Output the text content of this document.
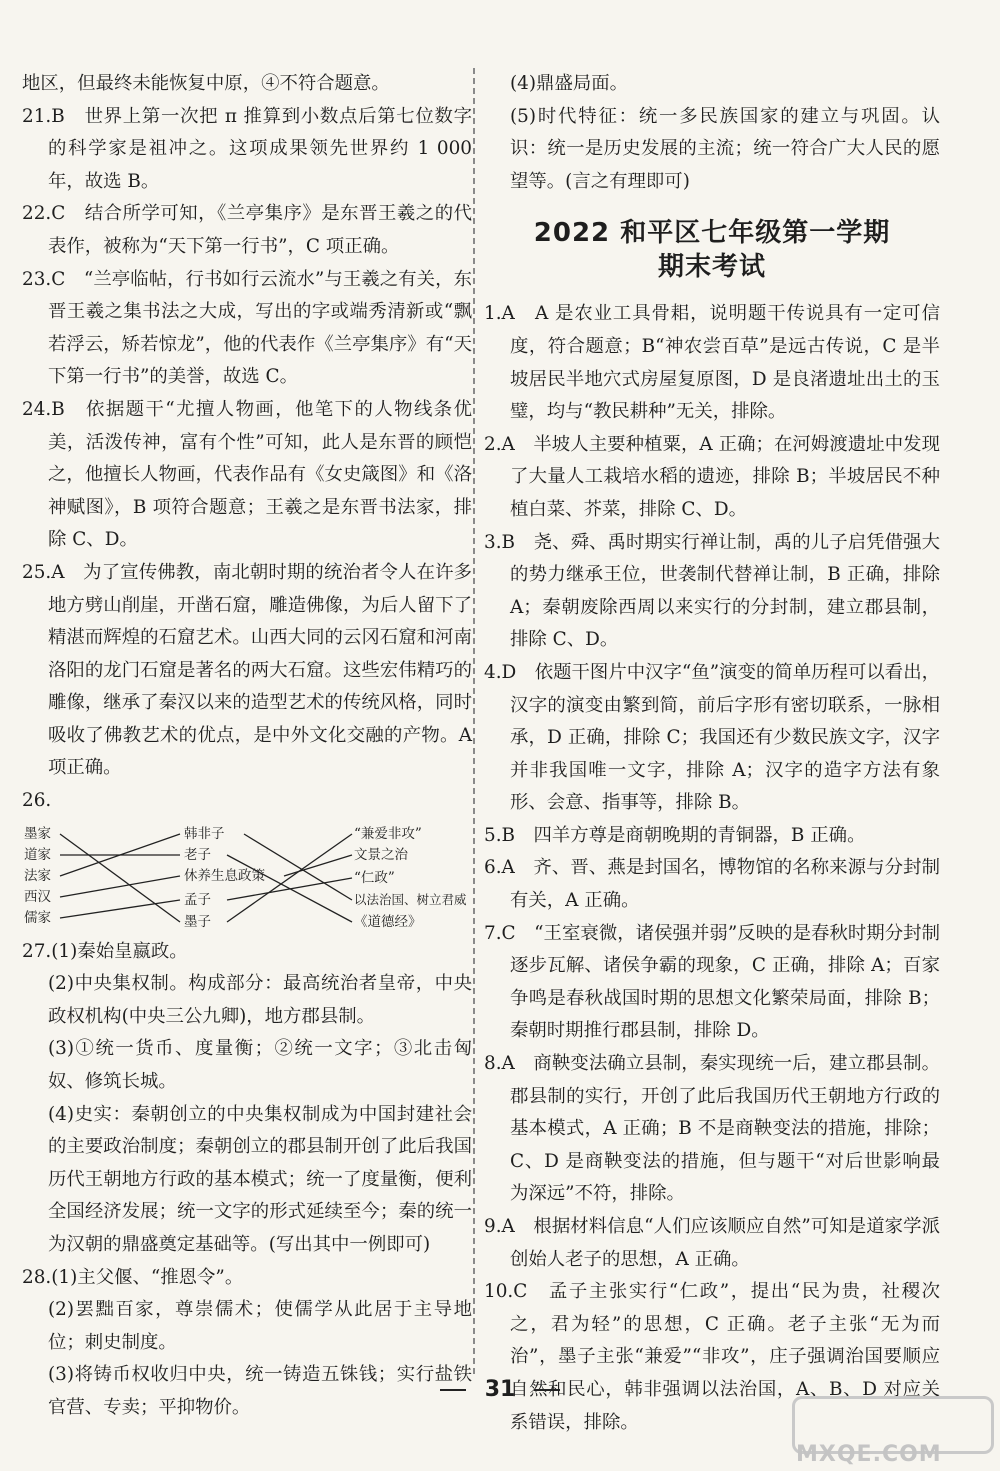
地区，但最终未能恢复中原，④不符合题意。

21.B　世界上第一次把 π 推算到小数点后第七位数字的科学家是祖冲之。这项成果领先世界约 1 000 年，故选 B。

22.C　结合所学可知，《兰亭集序》是东晋王羲之的代表作，被称为“天下第一行书”，C 项正确。

23.C　“兰亭临帖，行书如行云流水”与王羲之有关，东晋王羲之集书法之大成，写出的字或端秀清新或“飘若浮云，矫若惊龙”，他的代表作《兰亭集序》有“天下第一行书”的美誉，故选 C。

24.B　依据题干“尤擅人物画，他笔下的人物线条优美，活泼传神，富有个性”可知，此人是东晋的顾恺之，他擅长人物画，代表作品有《女史箴图》和《洛神赋图》，B 项符合题意；王羲之是东晋书法家，排除 C、D。

25.A　为了宣传佛教，南北朝时期的统治者令人在许多地方劈山削崖，开凿石窟，雕造佛像，为后人留下了精湛而辉煌的石窟艺术。山西大同的云冈石窟和河南洛阳的龙门石窟是著名的两大石窟。这些宏伟精巧的雕像，继承了秦汉以来的造型艺术的传统风格，同时吸收了佛教艺术的优点，是中外文化交融的产物。A 项正确。

26.

墨家
道家
法家
西汉
儒家
韩非子
老子
休养生息政策
孟子
墨子
“兼爱非攻”
文景之治
“仁政”
以法治国、树立君威
《道德经》

27.(1)秦始皇嬴政。

(2)中央集权制。构成部分：最高统治者皇帝，中央政权机构(中央三公九卿)，地方郡县制。

(3)①统一货币、度量衡；②统一文字；③北击匈奴、修筑长城。

(4)史实：秦朝创立的中央集权制成为中国封建社会的主要政治制度；秦朝创立的郡县制开创了此后我国历代王朝地方行政的基本模式；统一了度量衡，便利全国经济发展；统一文字的形式延续至今；秦的统一为汉朝的鼎盛奠定基础等。(写出其中一例即可)

28.(1)主父偃、“推恩令”。

(2)罢黜百家，尊崇儒术；使儒学从此居于主导地位；刺史制度。

(3)将铸币权收归中央，统一铸造五铢钱；实行盐铁官营、专卖；平抑物价。

(4)鼎盛局面。

(5)时代特征：统一多民族国家的建立与巩固。认识：统一是历史发展的主流；统一符合广大人民的愿望等。(言之有理即可)

2022 和平区七年级第一学期

期末考试

1.A　A 是农业工具骨耜，说明题干传说具有一定可信度，符合题意；B“神农尝百草”是远古传说，C 是半坡居民半地穴式房屋复原图，D 是良渚遗址出土的玉璧，均与“教民耕种”无关，排除。

2.A　半坡人主要种植粟，A 正确；在河姆渡遗址中发现了大量人工栽培水稻的遗迹，排除 B；半坡居民不种植白菜、芥菜，排除 C、D。

3.B　尧、舜、禹时期实行禅让制，禹的儿子启凭借强大的势力继承王位，世袭制代替禅让制，B 正确，排除 A；秦朝废除西周以来实行的分封制，建立郡县制，排除 C、D。

4.D　依题干图片中汉字“鱼”演变的简单历程可以看出，汉字的演变由繁到简，前后字形有密切联系，一脉相承，D 正确，排除 C；我国还有少数民族文字，汉字并非我国唯一文字，排除 A；汉字的造字方法有象形、会意、指事等，排除 B。

5.B　四羊方尊是商朝晚期的青铜器，B 正确。

6.A　齐、晋、燕是封国名，博物馆的名称来源与分封制有关，A 正确。

7.C　“王室衰微，诸侯强并弱”反映的是春秋时期分封制逐步瓦解、诸侯争霸的现象，C 正确，排除 A；百家争鸣是春秋战国时期的思想文化繁荣局面，排除 B；秦朝时期推行郡县制，排除 D。

8.A　商鞅变法确立县制，秦实现统一后，建立郡县制。郡县制的实行，开创了此后我国历代王朝地方行政的基本模式，A 正确；B 不是商鞅变法的措施，排除；C、D 是商鞅变法的措施，但与题干“对后世影响最为深远”不符，排除。

9.A　根据材料信息“人们应该顺应自然”可知是道家学派创始人老子的思想，A 正确。

10.C　孟子主张实行“仁政”，提出“民为贵，社稷次之，君为轻”的思想，C 正确。老子主张“无为而治”，墨子主张“兼爱”“非攻”，庄子强调治国要顺应自然和民心，韩非强调以法治国，A、B、D 对应关系错误，排除。

31
MXQE.COM
